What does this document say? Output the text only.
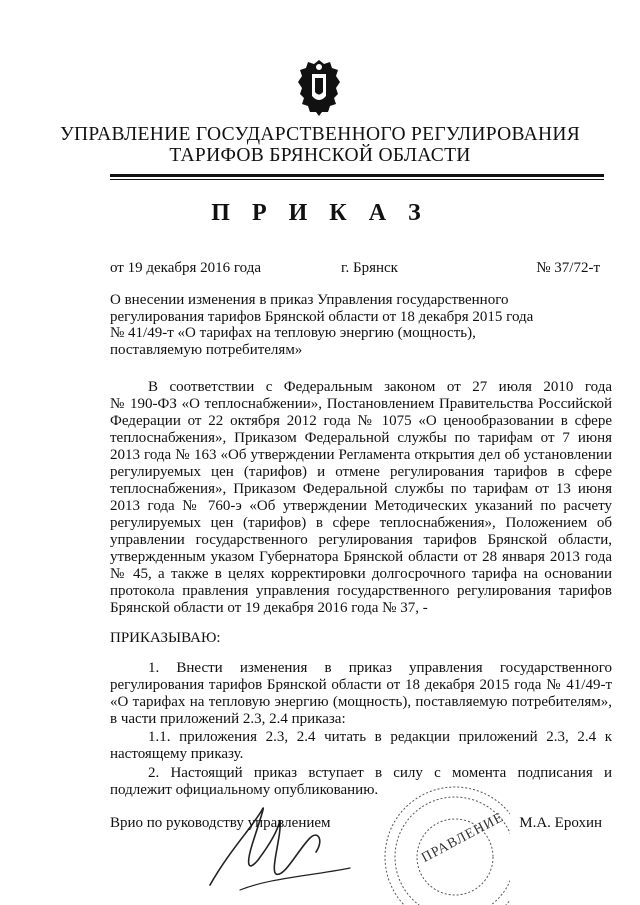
УПРАВЛЕНИЕ ГОСУДАРСТВЕННОГО РЕГУЛИРОВАНИЯ
ТАРИФОВ БРЯНСКОЙ ОБЛАСТИ
П Р И К А З
от 19 декабря 2016 года	г. Брянск	№ 37/72-т
О внесении изменения в приказ Управления государственного
регулирования тарифов Брянской области от 18 декабря 2015 года
№ 41/49-т «О тарифах на тепловую энергию (мощность),
поставляемую потребителям»
В соответствии с Федеральным законом от 27 июля 2010 года
№ 190-ФЗ «О теплоснабжении», Постановлением Правительства Российской
Федерации от 22 октября 2012 года № 1075 «О ценообразовании в сфере
теплоснабжения», Приказом Федеральной службы по тарифам от 7 июня
2013 года № 163 «Об утверждении Регламента открытия дел об установлении
регулируемых цен (тарифов) и отмене регулирования тарифов в сфере
теплоснабжения», Приказом Федеральной службы по тарифам от 13 июня
2013 года № 760-э «Об утверждении Методических указаний по расчету
регулируемых цен (тарифов) в сфере теплоснабжения», Положением об
управлении государственного регулирования тарифов Брянской области,
утвержденным указом Губернатора Брянской области от 28 января 2013 года
№ 45, а также в целях корректировки долгосрочного тарифа на основании
протокола правления управления государственного регулирования тарифов
Брянской области от 19 декабря 2016 года № 37, -
ПРИКАЗЫВАЮ:
1. Внести изменения в приказ управления государственного
регулирования тарифов Брянской области от 18 декабря 2015 года № 41/49-т
«О тарифах на тепловую энергию (мощность), поставляемую потребителям»,
в части приложений 2.3, 2.4 приказа:
1.1. приложения 2.3, 2.4 читать в редакции приложений 2.3, 2.4 к
настоящему приказу.
2. Настоящий приказ вступает в силу с момента подписания и
подлежит официальному опубликованию.
ПРАВЛЕНИЕ
Врио по руководству управлением	М.А. Ерохин
